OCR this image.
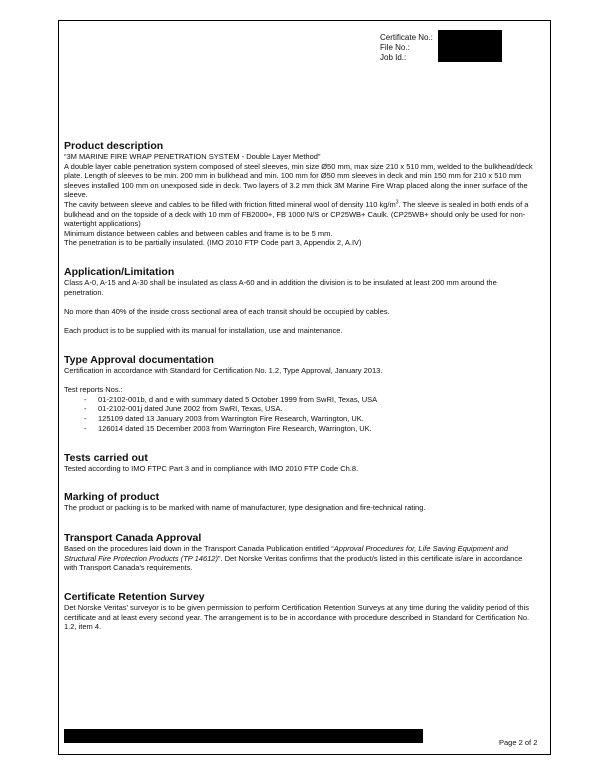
Certificate No.:
File No.:
Job Id.:
Product description

“3M MARINE FIRE WRAP PENETRATION SYSTEM - Double Layer Method”

A double layer cable penetration system composed of steel sleeves, min size Ø50 mm, max size 210 x 510 mm, welded to the bulkhead/deck plate. Length of sleeves to be min. 200 mm in bulkhead and min. 100 mm for Ø50 mm sleeves in deck and min 150 mm for 210 x 510 mm sleeves installed 100 mm on unexposed side in deck. Two layers of 3.2 mm thick 3M Marine Fire Wrap placed along the inner surface of the sleeve.

The cavity between sleeve and cables to be filled with friction fitted mineral wool of density 110 $kg/m^3$. The sleeve is sealed in both ends of a bulkhead and on the topside of a deck with 10 mm of FB2000+, FB 1000 N/S or CP25WB+ Caulk. (CP25WB+ should only be used for non-watertight applications)

Minimum distance between cables and between cables and frame is to be 5 mm.

The penetration is to be partially insulated. (IMO 2010 FTP Code part 3, Appendix 2, A.IV)

Application/Limitation

Class A-0, A-15 and A-30 shall be insulated as class A-60 and in addition the division is to be insulated at least 200 mm around the penetration.

No more than 40% of the inside cross sectional area of each transit should be occupied by cables.

Each product is to be supplied with its manual for installation, use and maintenance.

Type Approval documentation

Certification in accordance with Standard for Certification No. 1.2, Type Approval, January 2013.

Test reports Nos.:

- 01-2102-001b, d and e with summary dated 5 October 1999 from SwRI, Texas, USA
- 01-2102-001j dated June 2002 from SwRI, Texas, USA.
- 125109 dated 13 January 2003 from Warrington Fire Research, Warrington, UK.
- 126014 dated 15 December 2003 from Warrington Fire Research, Warrington, UK.
Tests carried out

Tested according to IMO FTPC Part 3 and in compliance with IMO 2010 FTP Code Ch.8.

Marking of product

The product or packing is to be marked with name of manufacturer, type designation and fire-technical rating.

Transport Canada Approval

Based on the procedures laid down in the Transport Canada Publication entitled “Approval Procedures for, Life Saving Equipment and Structural Fire Protection Products (TP 14612)”. Det Norske Veritas confirms that the product/s listed in this certificate is/are in accordance with Transport Canada's requirements.

Certificate Retention Survey

Det Norske Veritas' surveyor is to be given permission to perform Certification Retention Surveys at any time during the validity period of this certificate and at least every second year. The arrangement is to be in accordance with procedure described in Standard for Certification No. 1.2, item 4.

Page 2 of 2
